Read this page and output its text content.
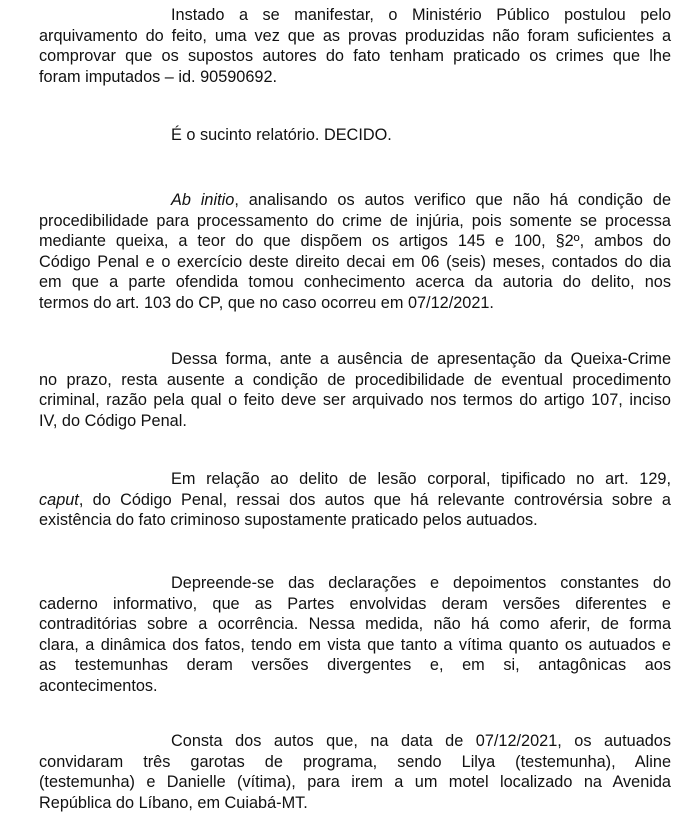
Instado a se manifestar, o Ministério Público postulou pelo
arquivamento do feito, uma vez que as provas produzidas não foram suficientes a
comprovar que os supostos autores do fato tenham praticado os crimes que lhe
foram imputados – id. 90590692.
É o sucinto relatório. DECIDO.
Ab initio, analisando os autos verifico que não há condição de
procedibilidade para processamento do crime de injúria, pois somente se processa
mediante queixa, a teor do que dispõem os artigos 145 e 100, §2º, ambos do
Código Penal e o exercício deste direito decai em 06 (seis) meses, contados do dia
em que a parte ofendida tomou conhecimento acerca da autoria do delito, nos
termos do art. 103 do CP, que no caso ocorreu em 07/12/2021.
Dessa forma, ante a ausência de apresentação da Queixa-Crime
no prazo, resta ausente a condição de procedibilidade de eventual procedimento
criminal, razão pela qual o feito deve ser arquivado nos termos do artigo 107, inciso
IV, do Código Penal.
Em relação ao delito de lesão corporal, tipificado no art. 129,
caput, do Código Penal, ressai dos autos que há relevante controvérsia sobre a
existência do fato criminoso supostamente praticado pelos autuados.
Depreende-se das declarações e depoimentos constantes do
caderno informativo, que as Partes envolvidas deram versões diferentes e
contraditórias sobre a ocorrência. Nessa medida, não há como aferir, de forma
clara, a dinâmica dos fatos, tendo em vista que tanto a vítima quanto os autuados e
as testemunhas deram versões divergentes e, em si, antagônicas aos
acontecimentos.
Consta dos autos que, na data de 07/12/2021, os autuados
convidaram três garotas de programa, sendo Lilya (testemunha), Aline
(testemunha) e Danielle (vítima), para irem a um motel localizado na Avenida
República do Líbano, em Cuiabá-MT.
